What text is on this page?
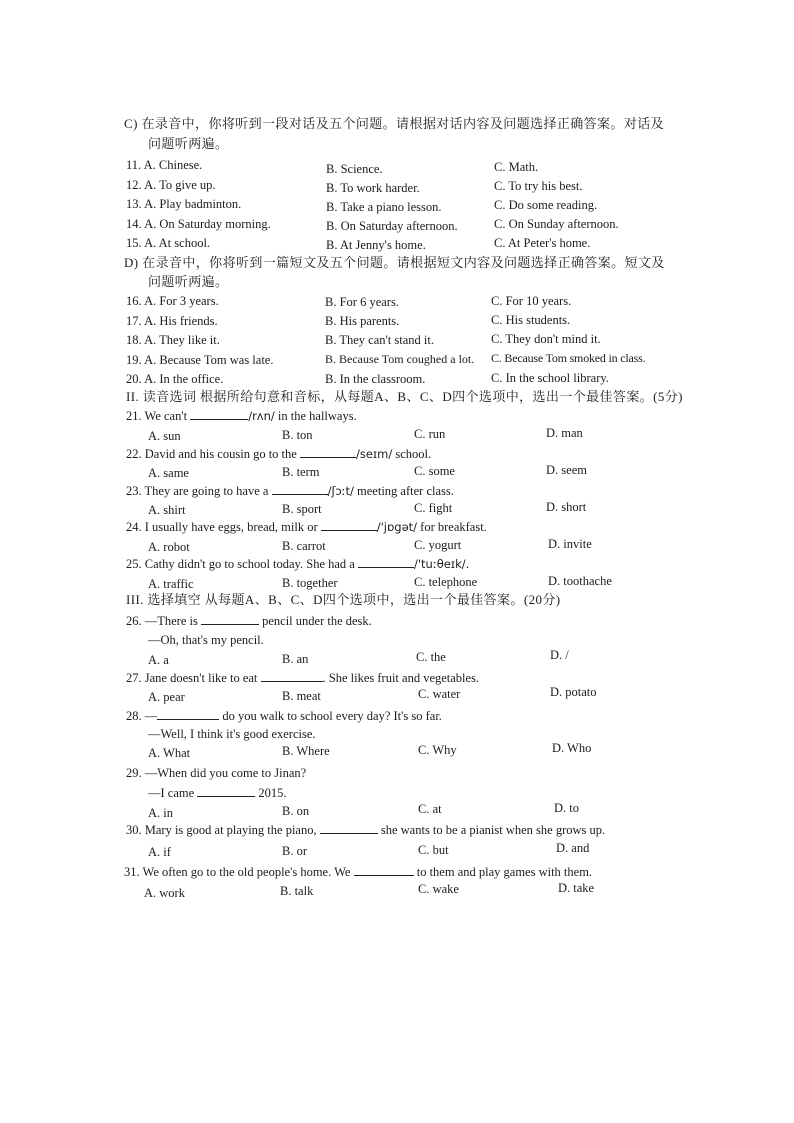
C) 在录音中，你将听到一段对话及五个问题。请根据对话内容及问题选择正确答案。对话及
问题听两遍。
11. A. Chinese.	B. Science.	C. Math.
12. A. To give up.	B. To work harder.	C. To try his best.
13. A. Play badminton.	B. Take a piano lesson.	C. Do some reading.
14. A. On Saturday morning.	B. On Saturday afternoon.	C. On Sunday afternoon.
15. A. At school.	B. At Jenny's home.	C. At Peter's home.
D) 在录音中，你将听到一篇短文及五个问题。请根据短文内容及问题选择正确答案。短文及
问题听两遍。
16. A. For 3 years.	B. For 6 years.	C. For 10 years.
17. A. His friends.	B. His parents.	C. His students.
18. A. They like it.	B. They can't stand it.	C. They don't mind it.
19. A. Because Tom was late.	B. Because Tom coughed a lot. C. Because Tom smoked in class.
20. A. In the office.	B. In the classroom.	C. In the school library.
II. 读音选词 根据所给句意和音标，从每题A、B、C、D四个选项中，选出一个最佳答案。(5分)
21. We can't	/rʌn/ in the hallways.
A. sun	B. ton	C. run	D. man
22. David and his cousin go to the	/seɪm/ school.
A. same	B. term	C. some	D. seem
23. They are going to have a	/ʃɔːt/ meeting after class.
A. shirt	B. sport	C. fight	D. short
24. I usually have eggs, bread, milk or	/'jɒgət/ for breakfast.
A. robot	B. carrot	C. yogurt	D. invite
25. Cathy didn't go to school today. She had a	/'tuːθeɪk/.
A. traffic	B. together	C. telephone	D. toothache
III. 选择填空 从每题A、B、C、D四个选项中，选出一个最佳答案。(20分)
26. —There is	pencil under the desk.
—Oh, that's my pencil.
A. a	B. an	C. the	D. /
27. Jane doesn't like to eat	. She likes fruit and vegetables.
A. pear	B. meat	C. water	D. potato
28. —	do you walk to school every day? It's so far.
—Well, I think it's good exercise.
A. What	B. Where	C. Why	D. Who
29. —When did you come to Jinan?
—I came	2015.
A. in	B. on	C. at	D. to
30. Mary is good at playing the piano,	she wants to be a pianist when she grows up.
A. if	B. or	C. but	D. and
31. We often go to the old people's home. We	to them and play games with them.
A. work	B. talk	C. wake	D. take
